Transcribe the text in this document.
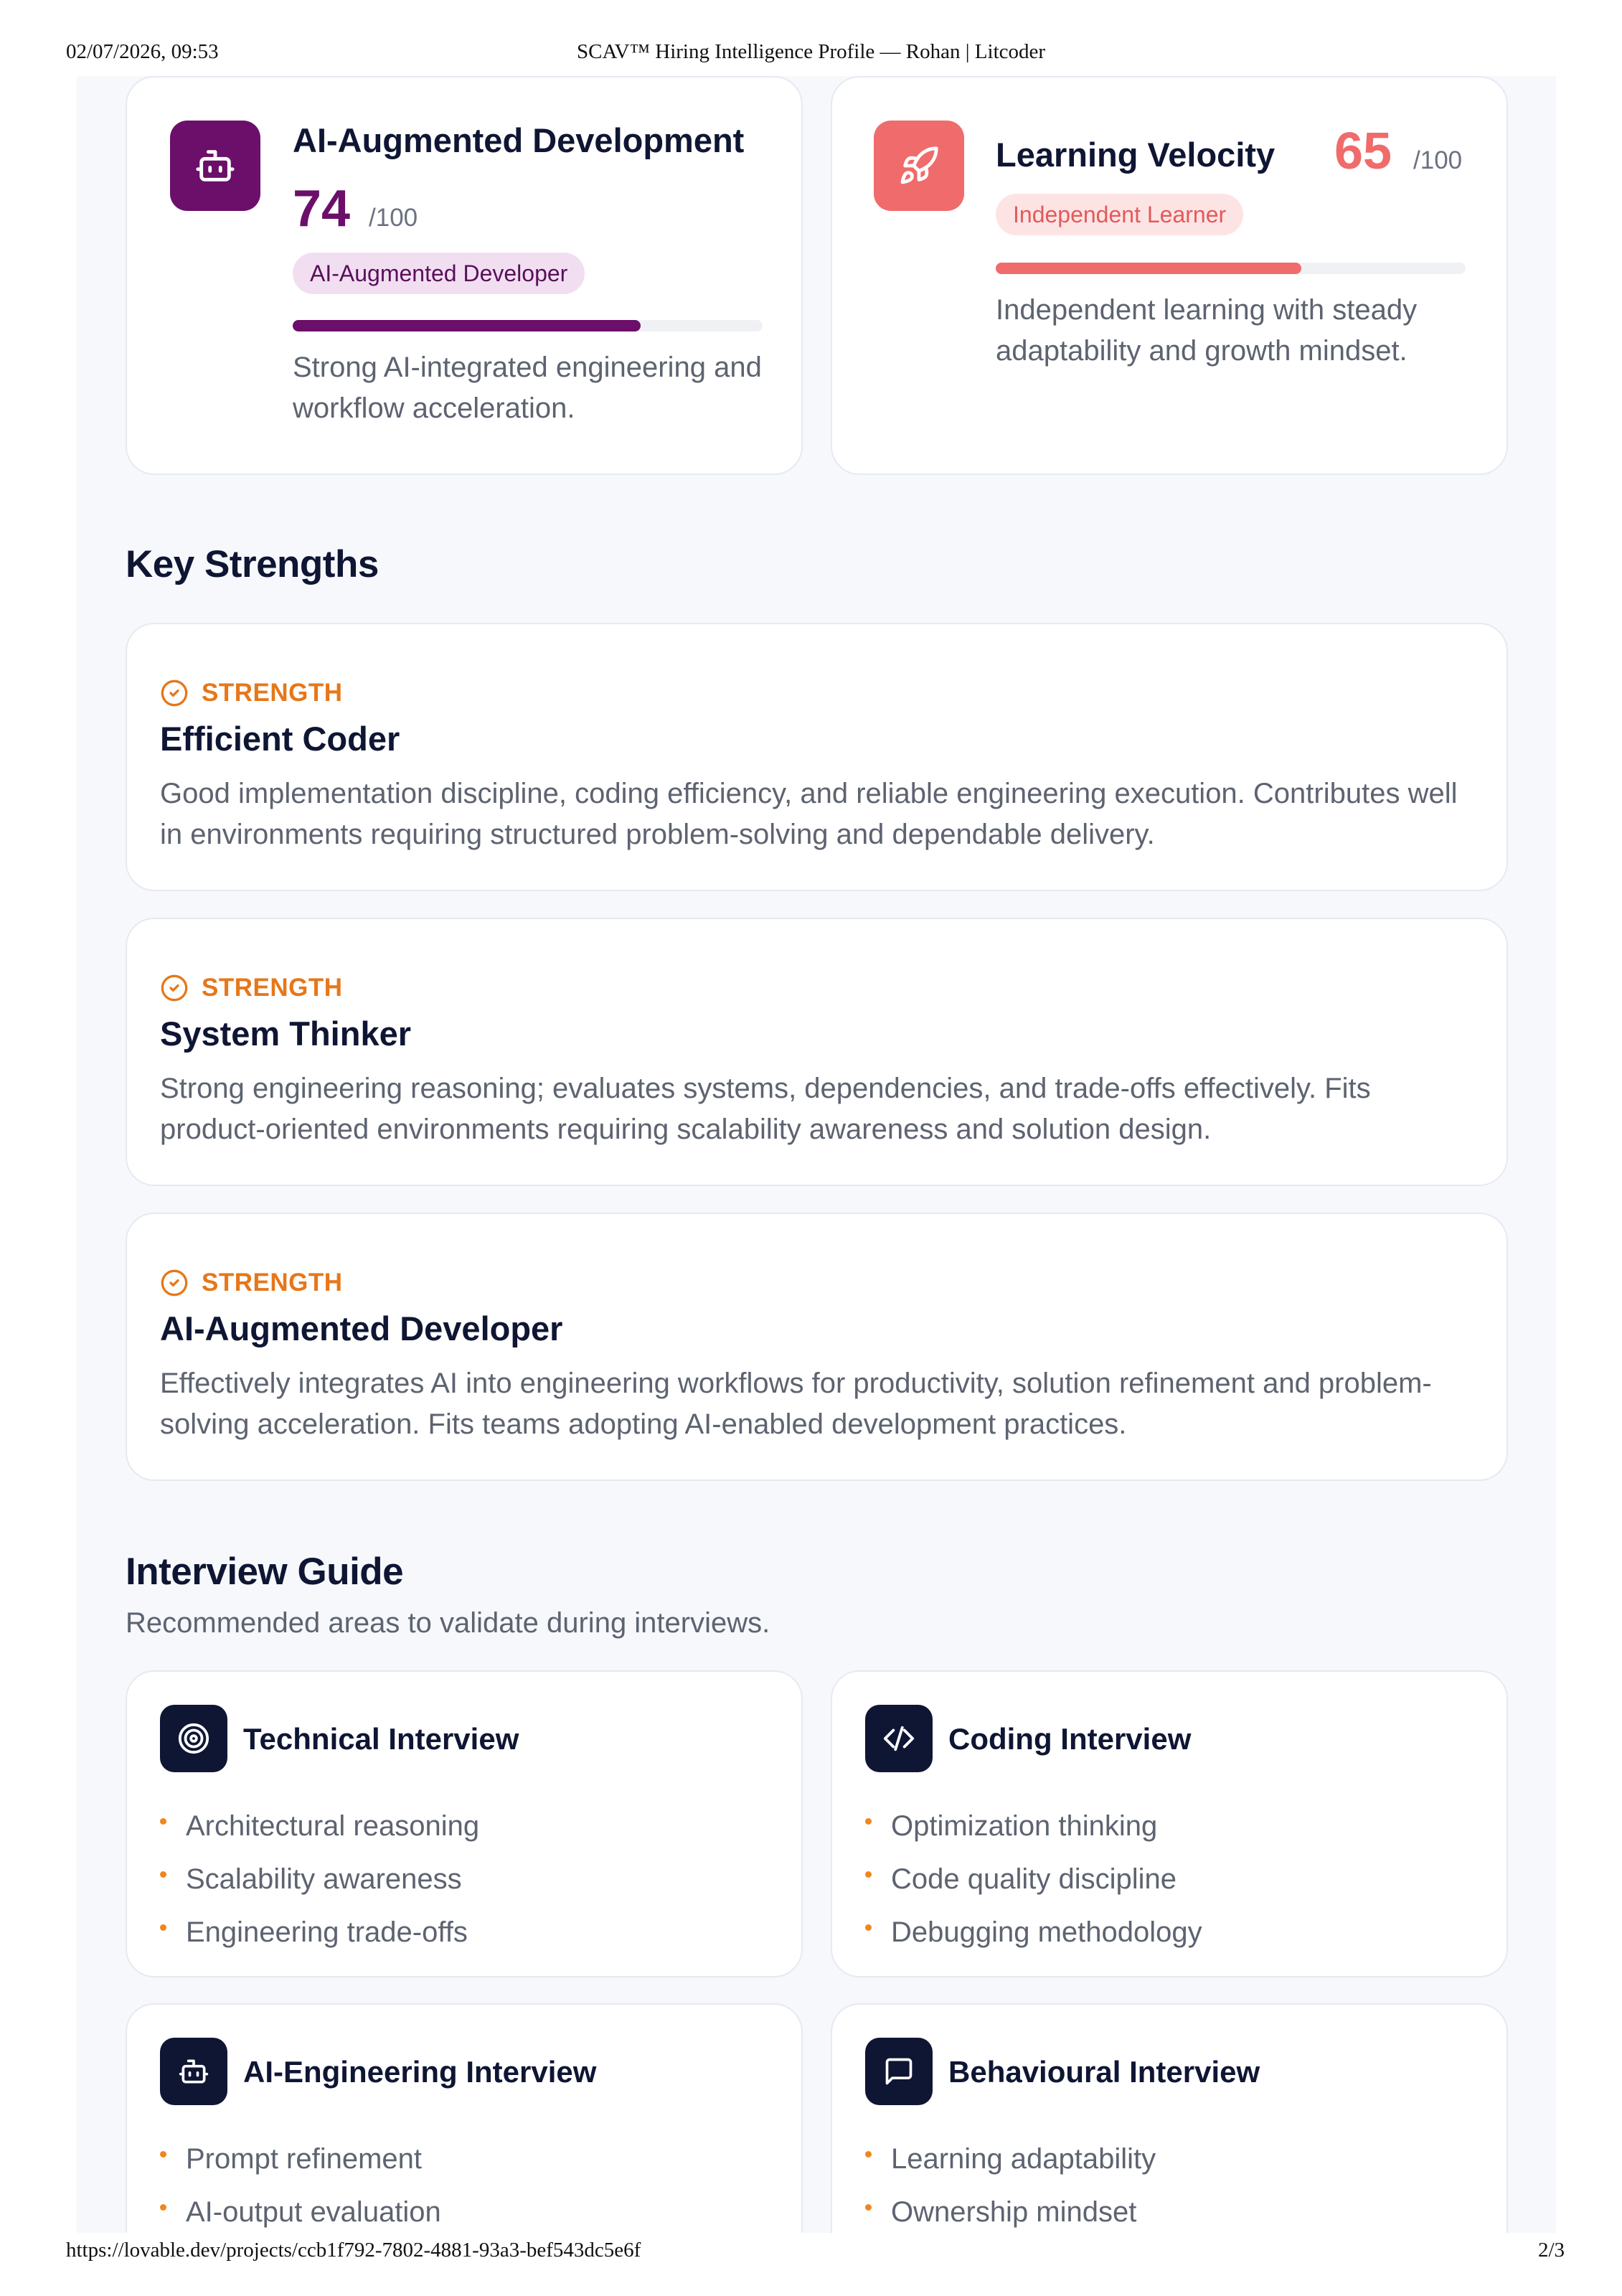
02/07/2026, 09:53	SCAV™ Hiring Intelligence Profile — Rohan | Litcoder
AI-Augmented Development
74 /100
AI-Augmented Developer
Strong AI-integrated engineering and workflow acceleration.
Learning Velocity 65 /100
Independent Learner
Independent learning with steady adaptability and growth mindset.
Key Strengths
STRENGTH
Efficient Coder
Good implementation discipline, coding efficiency, and reliable engineering execution. Contributes well in environments requiring structured problem-solving and dependable delivery.
STRENGTH
System Thinker
Strong engineering reasoning; evaluates systems, dependencies, and trade-offs effectively. Fits product-oriented environments requiring scalability awareness and solution design.
STRENGTH
AI-Augmented Developer
Effectively integrates AI into engineering workflows for productivity, solution refinement and problem-solving acceleration. Fits teams adopting AI-enabled development practices.
Interview Guide
Recommended areas to validate during interviews.
Technical Interview
Architectural reasoning
Scalability awareness
Engineering trade-offs
Coding Interview
Optimization thinking
Code quality discipline
Debugging methodology
AI-Engineering Interview
Prompt refinement
AI-output evaluation
Behavioural Interview
Learning adaptability
Ownership mindset
https://lovable.dev/projects/ccb1f792-7802-4881-93a3-bef543dc5e6f	2/3
